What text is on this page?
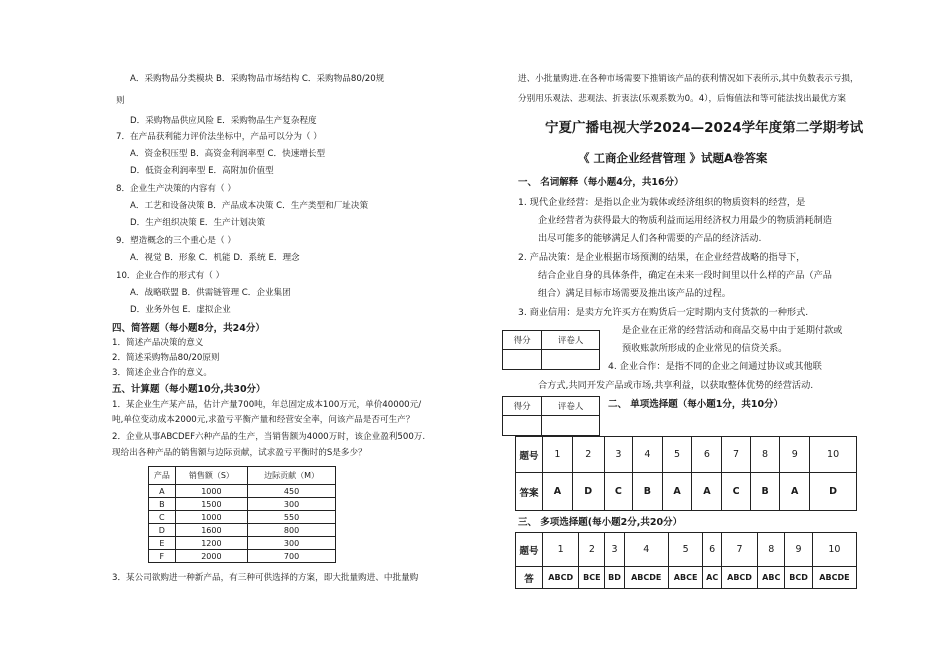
A．采购物品分类模块 B．采购物品市场结构 C．采购物品80/20规
则
D．采购物品供应风险 E．采购物品生产复杂程度
7．在产品获利能力评价法坐标中，产品可以分为（ ）
A．资金积压型 B．高资金利润率型 C．快速增长型
D．低资金利润率型 E．高附加价值型
8．企业生产决策的内容有（ ）
A．工艺和设备决策 B．产品成本决策 C．生产类型和厂址决策
D．生产组织决策 E．生产计划决策
9．塑造概念的三个重心是（ ）
A．视觉 B．形象 C．机能 D．系统 E．理念
10．企业合作的形式有（ ）
A．战略联盟 B．供需链管理 C．企业集团
D．业务外包 E．虚拟企业
四、简答题（每小题8分，共24分）
1．简述产品决策的意义
2．简述采购物品80/20原则
3．简述企业合作的意义。
五、计算题（每小题10分,共30分）
1．某企业生产某产品，估计产量700吨，年总固定成本100万元，单价40000元/
吨,单位变动成本2000元,求盈亏平衡产量和经营安全率，问该产品是否可生产？
2．企业从事ABCDEF六种产品的生产，当销售额为4000万时，该企业盈利500万.
现给出各种产品的销售额与边际贡献，试求盈亏平衡时的S是多少？
产品	销售额（S）	边际贡献（M）
A	1000	450
B	1500	300
C	1000	550
D	1600	800
E	1200	300
F	2000	700
3．某公司欲购进一种新产品，有三种可供选择的方案，即大批量购进、中批量购
进、小批量购进.在各种市场需要下推销该产品的获利情况如下表所示,其中负数表示亏损，
分别用乐观法、悲观法、折衷法(乐观系数为0。4），后悔值法和等可能法找出最优方案
宁夏广播电视大学2024—2024学年度第二学期考试
《 工商企业经营管理 》试题A卷答案
一、 名词解释（每小题4分，共16分）
1. 现代企业经营：是指以企业为载体或经济组织的物质资料的经营，是
企业经营者为获得最大的物质利益而运用经济权力用最少的物质消耗制造
出尽可能多的能够满足人们各种需要的产品的经济活动.
2. 产品决策：是企业根据市场预测的结果，在企业经营战略的指导下，
结合企业自身的具体条件，确定在未来一段时间里以什么样的产品（产品
组合）满足目标市场需要及推出该产品的过程。
3. 商业信用：是卖方允许买方在购货后一定时期内支付货款的一种形式.
是企业在正常的经营活动和商品交易中由于延期付款或
预收账款所形成的企业常见的信贷关系。
得分	评卷人

4. 企业合作：是指不同的企业之间通过协议或其他联
合方式,共同开发产品或市场,共享利益，以获取整体优势的经营活动.
得分	评卷人
		二、 单项选择题（每小题1分，共10分）
题号	1	2	3	4	5	6	7	8	9	10
答案	A	D	C	B	A	A	C	B	A	D
三、 多项选择题(每小题2分,共20分）
题号	1	2	3	4	5	6	7	8	9	10
答	ABCD	BCE	BD	ABCDE	ABCE	AC	ABCD	ABC	BCD	ABCDE
